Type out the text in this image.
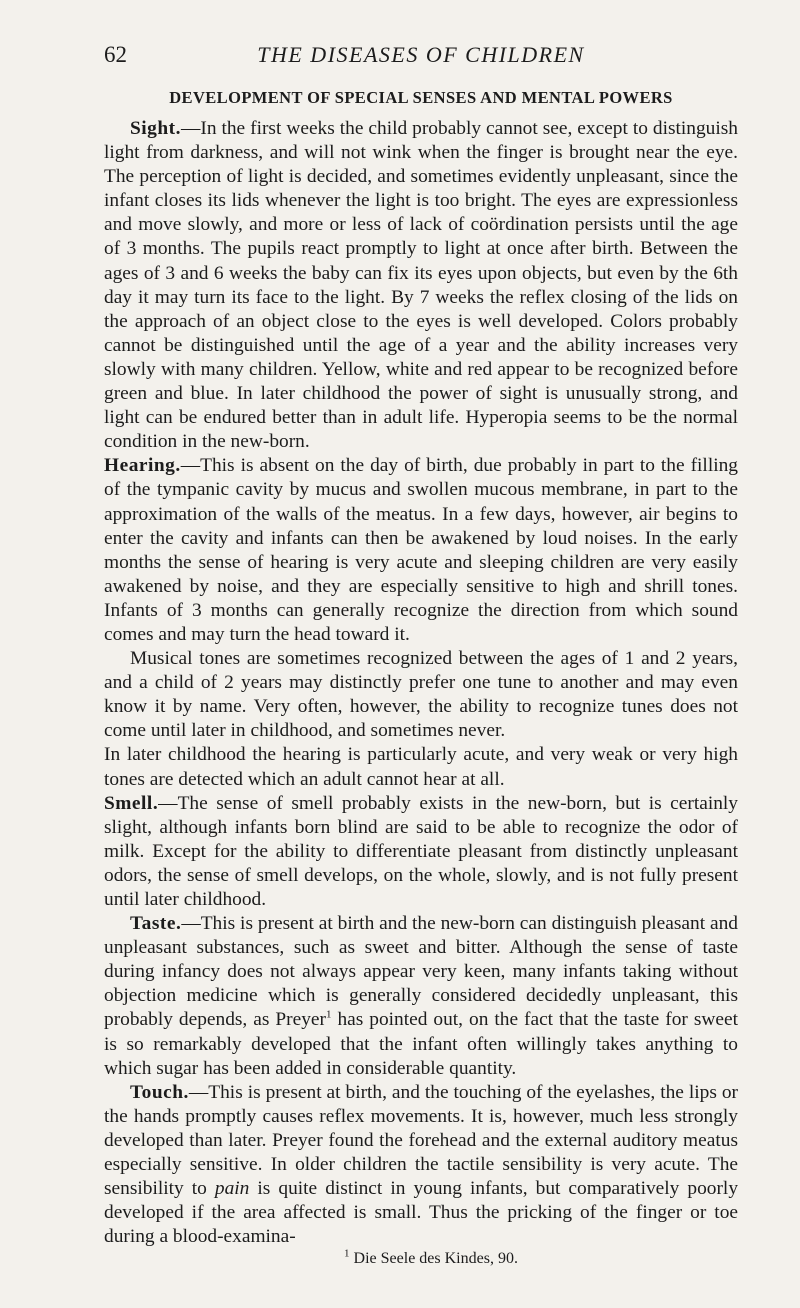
62	THE DISEASES OF CHILDREN
DEVELOPMENT OF SPECIAL SENSES AND MENTAL POWERS

Sight.—In the first weeks the child probably cannot see, except to distinguish light from darkness, and will not wink when the finger is brought near the eye. The perception of light is decided, and sometimes evidently unpleasant, since the infant closes its lids whenever the light is too bright. The eyes are expressionless and move slowly, and more or less of lack of coördination persists until the age of 3 months. The pupils react promptly to light at once after birth. Between the ages of 3 and 6 weeks the baby can fix its eyes upon objects, but even by the 6th day it may turn its face to the light. By 7 weeks the reflex closing of the lids on the approach of an object close to the eyes is well developed. Colors probably cannot be distinguished until the age of a year and the ability increases very slowly with many children. Yellow, white and red appear to be recognized before green and blue. In later childhood the power of sight is unusually strong, and light can be endured better than in adult life. Hyperopia seems to be the normal condition in the new-born.

Hearing.—This is absent on the day of birth, due probably in part to the filling of the tympanic cavity by mucus and swollen mucous membrane, in part to the approximation of the walls of the meatus. In a few days, however, air begins to enter the cavity and infants can then be awakened by loud noises. In the early months the sense of hearing is very acute and sleeping children are very easily awakened by noise, and they are especially sensitive to high and shrill tones. Infants of 3 months can generally recognize the direction from which sound comes and may turn the head toward it.

Musical tones are sometimes recognized between the ages of 1 and 2 years, and a child of 2 years may distinctly prefer one tune to another and may even know it by name. Very often, however, the ability to recognize tunes does not come until later in childhood, and sometimes never.

In later childhood the hearing is particularly acute, and very weak or very high tones are detected which an adult cannot hear at all.

Smell.—The sense of smell probably exists in the new-born, but is certainly slight, although infants born blind are said to be able to recognize the odor of milk. Except for the ability to differentiate pleasant from distinctly unpleasant odors, the sense of smell develops, on the whole, slowly, and is not fully present until later childhood.

Taste.—This is present at birth and the new-born can distinguish pleasant and unpleasant substances, such as sweet and bitter. Although the sense of taste during infancy does not always appear very keen, many infants taking without objection medicine which is generally considered decidedly unpleasant, this probably depends, as Preyer$^1$ has pointed out, on the fact that the taste for sweet is so remarkably developed that the infant often willingly takes anything to which sugar has been added in considerable quantity.

Touch.—This is present at birth, and the touching of the eyelashes, the lips or the hands promptly causes reflex movements. It is, however, much less strongly developed than later. Preyer found the forehead and the external auditory meatus especially sensitive. In older children the tactile sensibility is very acute. The sensibility to pain is quite distinct in young infants, but comparatively poorly developed if the area affected is small. Thus the pricking of the finger or toe during a blood-examina-

$^1$ Die Seele des Kindes, 90.
